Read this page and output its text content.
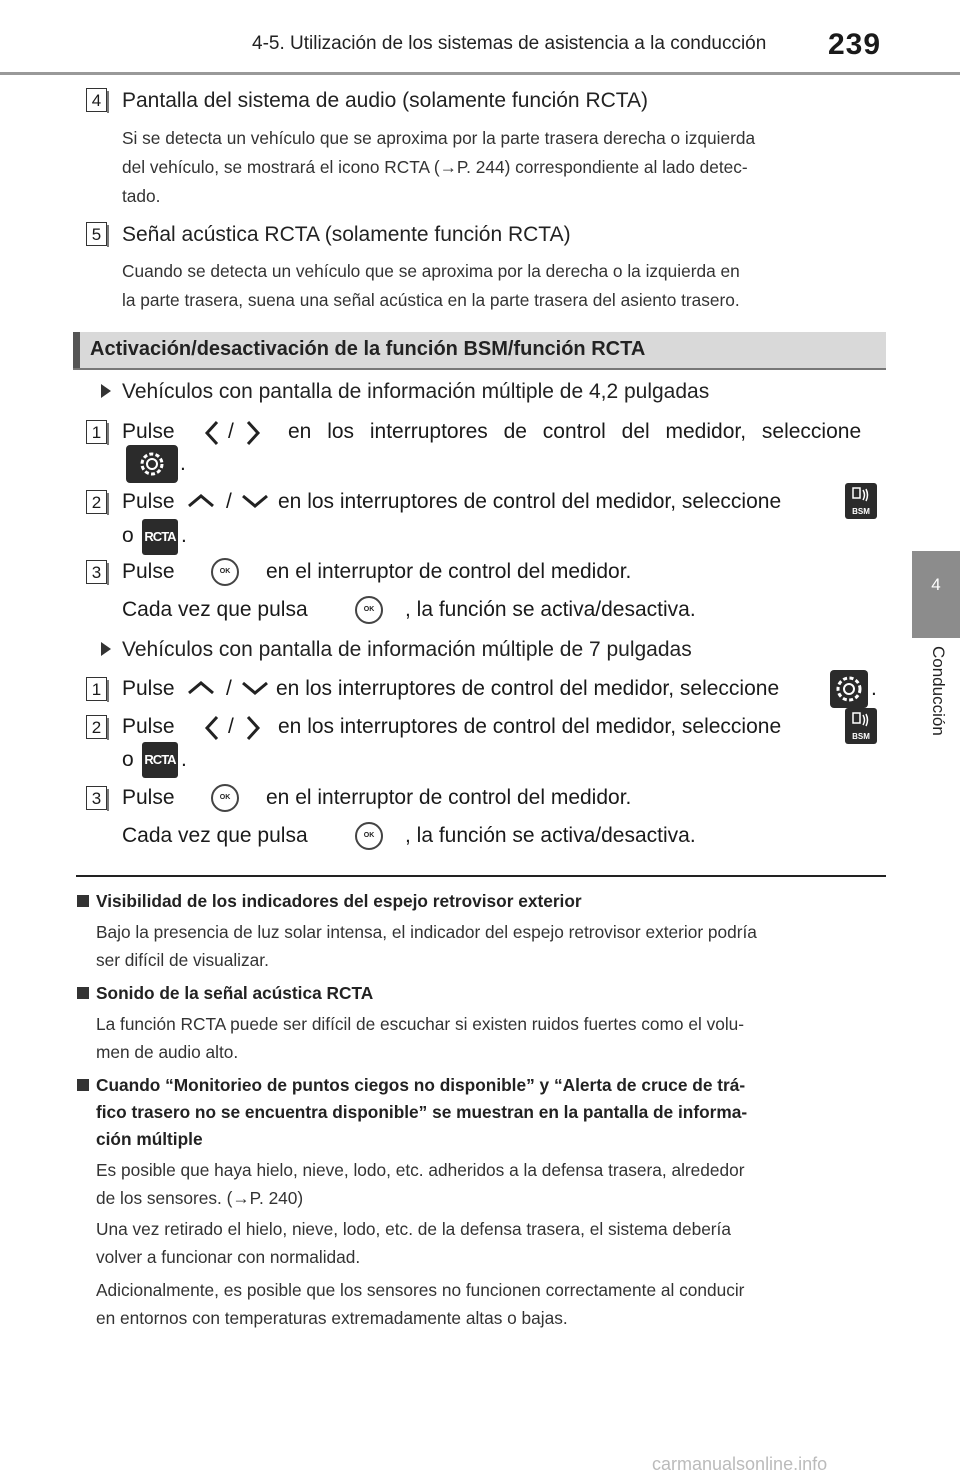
4-5. Utilización de los sistemas de asistencia a la conducción 239
4
Conducción
4 Pantalla del sistema de audio (solamente función RCTA)
Si se detecta un vehículo que se aproxima por la parte trasera derecha o izquierda
del vehículo, se mostrará el icono RCTA (→P. 244) correspondiente al lado detec-
tado.
5 Señal acústica RCTA (solamente función RCTA)
Cuando se detecta un vehículo que se aproxima por la derecha o la izquierda en
la parte trasera, suena una señal acústica en la parte trasera del asiento trasero.
Activación/desactivación de la función BSM/función RCTA
Vehículos con pantalla de información múltiple de 4,2 pulgadas
1 Pulse	/	en los interruptores de control del medidor, seleccione
.
2 Pulse / en los interruptores de control del medidor, seleccione	BSM
o RCTA .
3 Pulse	OK	en el interruptor de control del medidor.
Cada vez que pulsa	OK	, la función se activa/desactiva.
Vehículos con pantalla de información múltiple de 7 pulgadas
1 Pulse / en los interruptores de control del medidor, seleccione	.
2 Pulse	/ en los interruptores de control del medidor, seleccione	BSM
o RCTA .
3 Pulse	OK	en el interruptor de control del medidor.
Cada vez que pulsa	OK	, la función se activa/desactiva.
Visibilidad de los indicadores del espejo retrovisor exterior
Bajo la presencia de luz solar intensa, el indicador del espejo retrovisor exterior podría
ser difícil de visualizar.
Sonido de la señal acústica RCTA
La función RCTA puede ser difícil de escuchar si existen ruidos fuertes como el volu-
men de audio alto.
Cuando “Monitorieo de puntos ciegos no disponible” y “Alerta de cruce de trá-
fico trasero no se encuentra disponible” se muestran en la pantalla de informa-
ción múltiple
Es posible que haya hielo, nieve, lodo, etc. adheridos a la defensa trasera, alrededor
de los sensores. (→P. 240)
Una vez retirado el hielo, nieve, lodo, etc. de la defensa trasera, el sistema debería
volver a funcionar con normalidad.
Adicionalmente, es posible que los sensores no funcionen correctamente al conducir
en entornos con temperaturas extremadamente altas o bajas.
carmanualsonline.info
